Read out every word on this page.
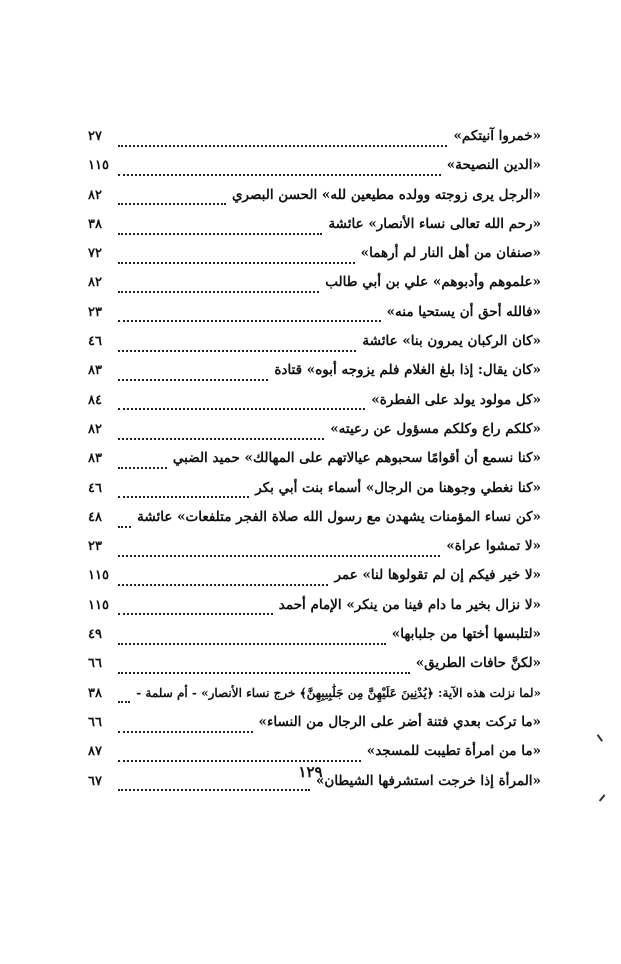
«خمروا آنيتكم»
٢٧
«الدين النصيحة»
١١٥
«الرجل يرى زوجته وولده مطيعين لله» الحسن البصري
٨٢
«رحم الله تعالى نساء الأنصار» عائشة
٣٨
«صنفان من أهل النار لم أرهما»
٧٢
«علموهم وأدبوهم» علي بن أبي طالب
٨٢
«فالله أحق أن يستحيا منه»
٢٣
«كان الركبان يمرون بنا» عائشة
٤٦
«كان يقال: إذا بلغ الغلام فلم يزوجه أبوه» قتادة
٨٣
«كل مولود يولد على الفطرة»
٨٤
«كلكم راع وكلكم مسؤول عن رعيته»
٨٢
«كنا نسمع أن أقوامًا سحبوهم عيالاتهم على المهالك» حميد الضبي
٨٣
«كنا نغطي وجوهنا من الرجال» أسماء بنت أبي بكر
٤٦
«كن نساء المؤمنات يشهدن مع رسول الله صلاة الفجر متلفعات» عائشة
٤٨
«لا تمشوا عراة»
٢٣
«لا خير فيكم إن لم تقولوها لنا» عمر
١١٥
«لا نزال بخير ما دام فينا من ينكر» الإمام أحمد
١١٥
«لتلبسها أختها من جلبابها»
٤٩
«لكنَّ حافات الطريق»
٦٦
«لما نزلت هذه الآية: ﴿يُدْنِينَ عَلَيْهِنَّ مِن جَلَٰبِيبِهِنَّ﴾ خرج نساء الأنصار» - أم سلمة -
٣٨
«ما تركت بعدي فتنة أضر على الرجال من النساء»
٦٦
«ما من امرأة تطيبت للمسجد»
٨٧
«المرأة إذا خرجت استشرفها الشيطان»
٦٧
١٢٩
